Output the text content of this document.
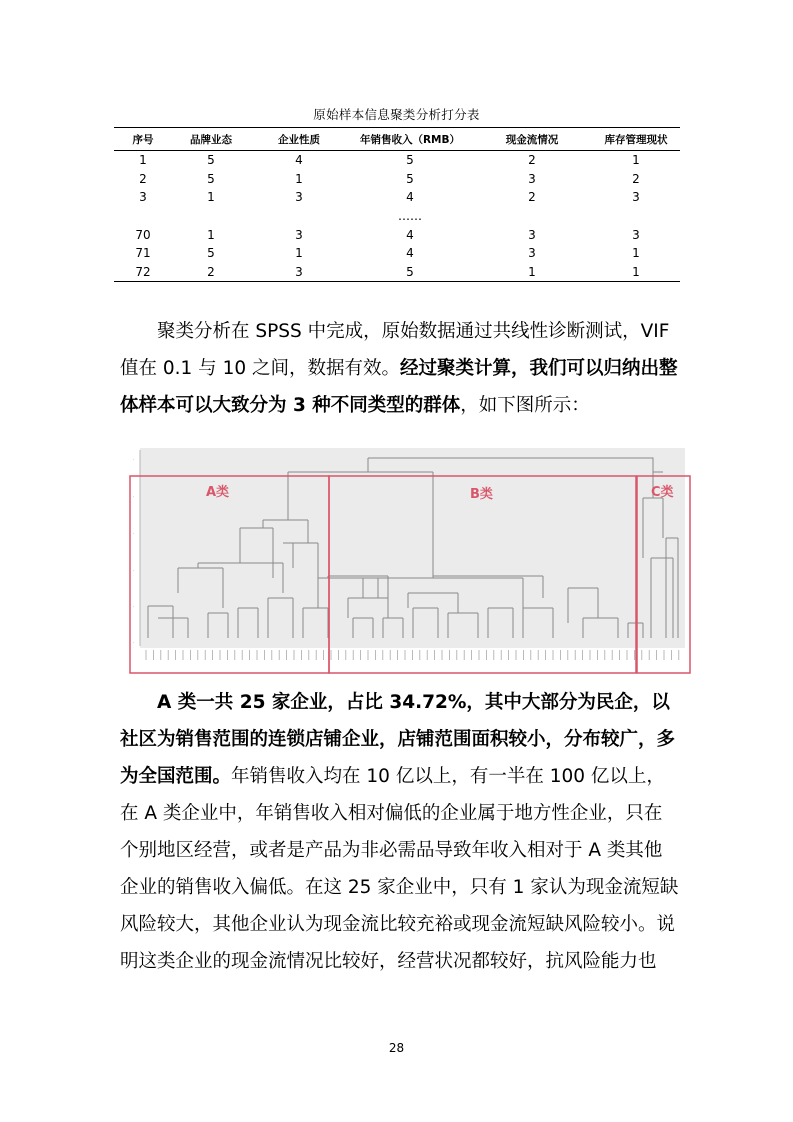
原始样本信息聚类分析打分表
序号	品牌业态	企业性质	年销售收入（RMB）	现金流情况	库存管理现状
1	5	4	5	2	1
2	5	1	5	3	2
3	1	3	4	2	3
			……		
70	1	3	4	3	3
71	5	1	4	3	1
72	2	3	5	1	1

聚类分析在 SPSS 中完成，原始数据通过共线性诊断测试，VIF 值在 0.1 与 10 之间，数据有效。经过聚类计算，我们可以归纳出整体样本可以大致分为 3 种不同类型的群体，如下图所示：

·
·
·
·
·
·
A类	B类	C类

A 类一共 25 家企业，占比 34.72%，其中大部分为民企，以社区为销售范围的连锁店铺企业，店铺范围面积较小，分布较广，多为全国范围。年销售收入均在 10 亿以上，有一半在 100 亿以上，在 A 类企业中，年销售收入相对偏低的企业属于地方性企业，只在个别地区经营，或者是产品为非必需品导致年收入相对于 A 类其他企业的销售收入偏低。在这 25 家企业中，只有 1 家认为现金流短缺风险较大，其他企业认为现金流比较充裕或现金流短缺风险较小。说明这类企业的现金流情况比较好，经营状况都较好，抗风险能力也

28
